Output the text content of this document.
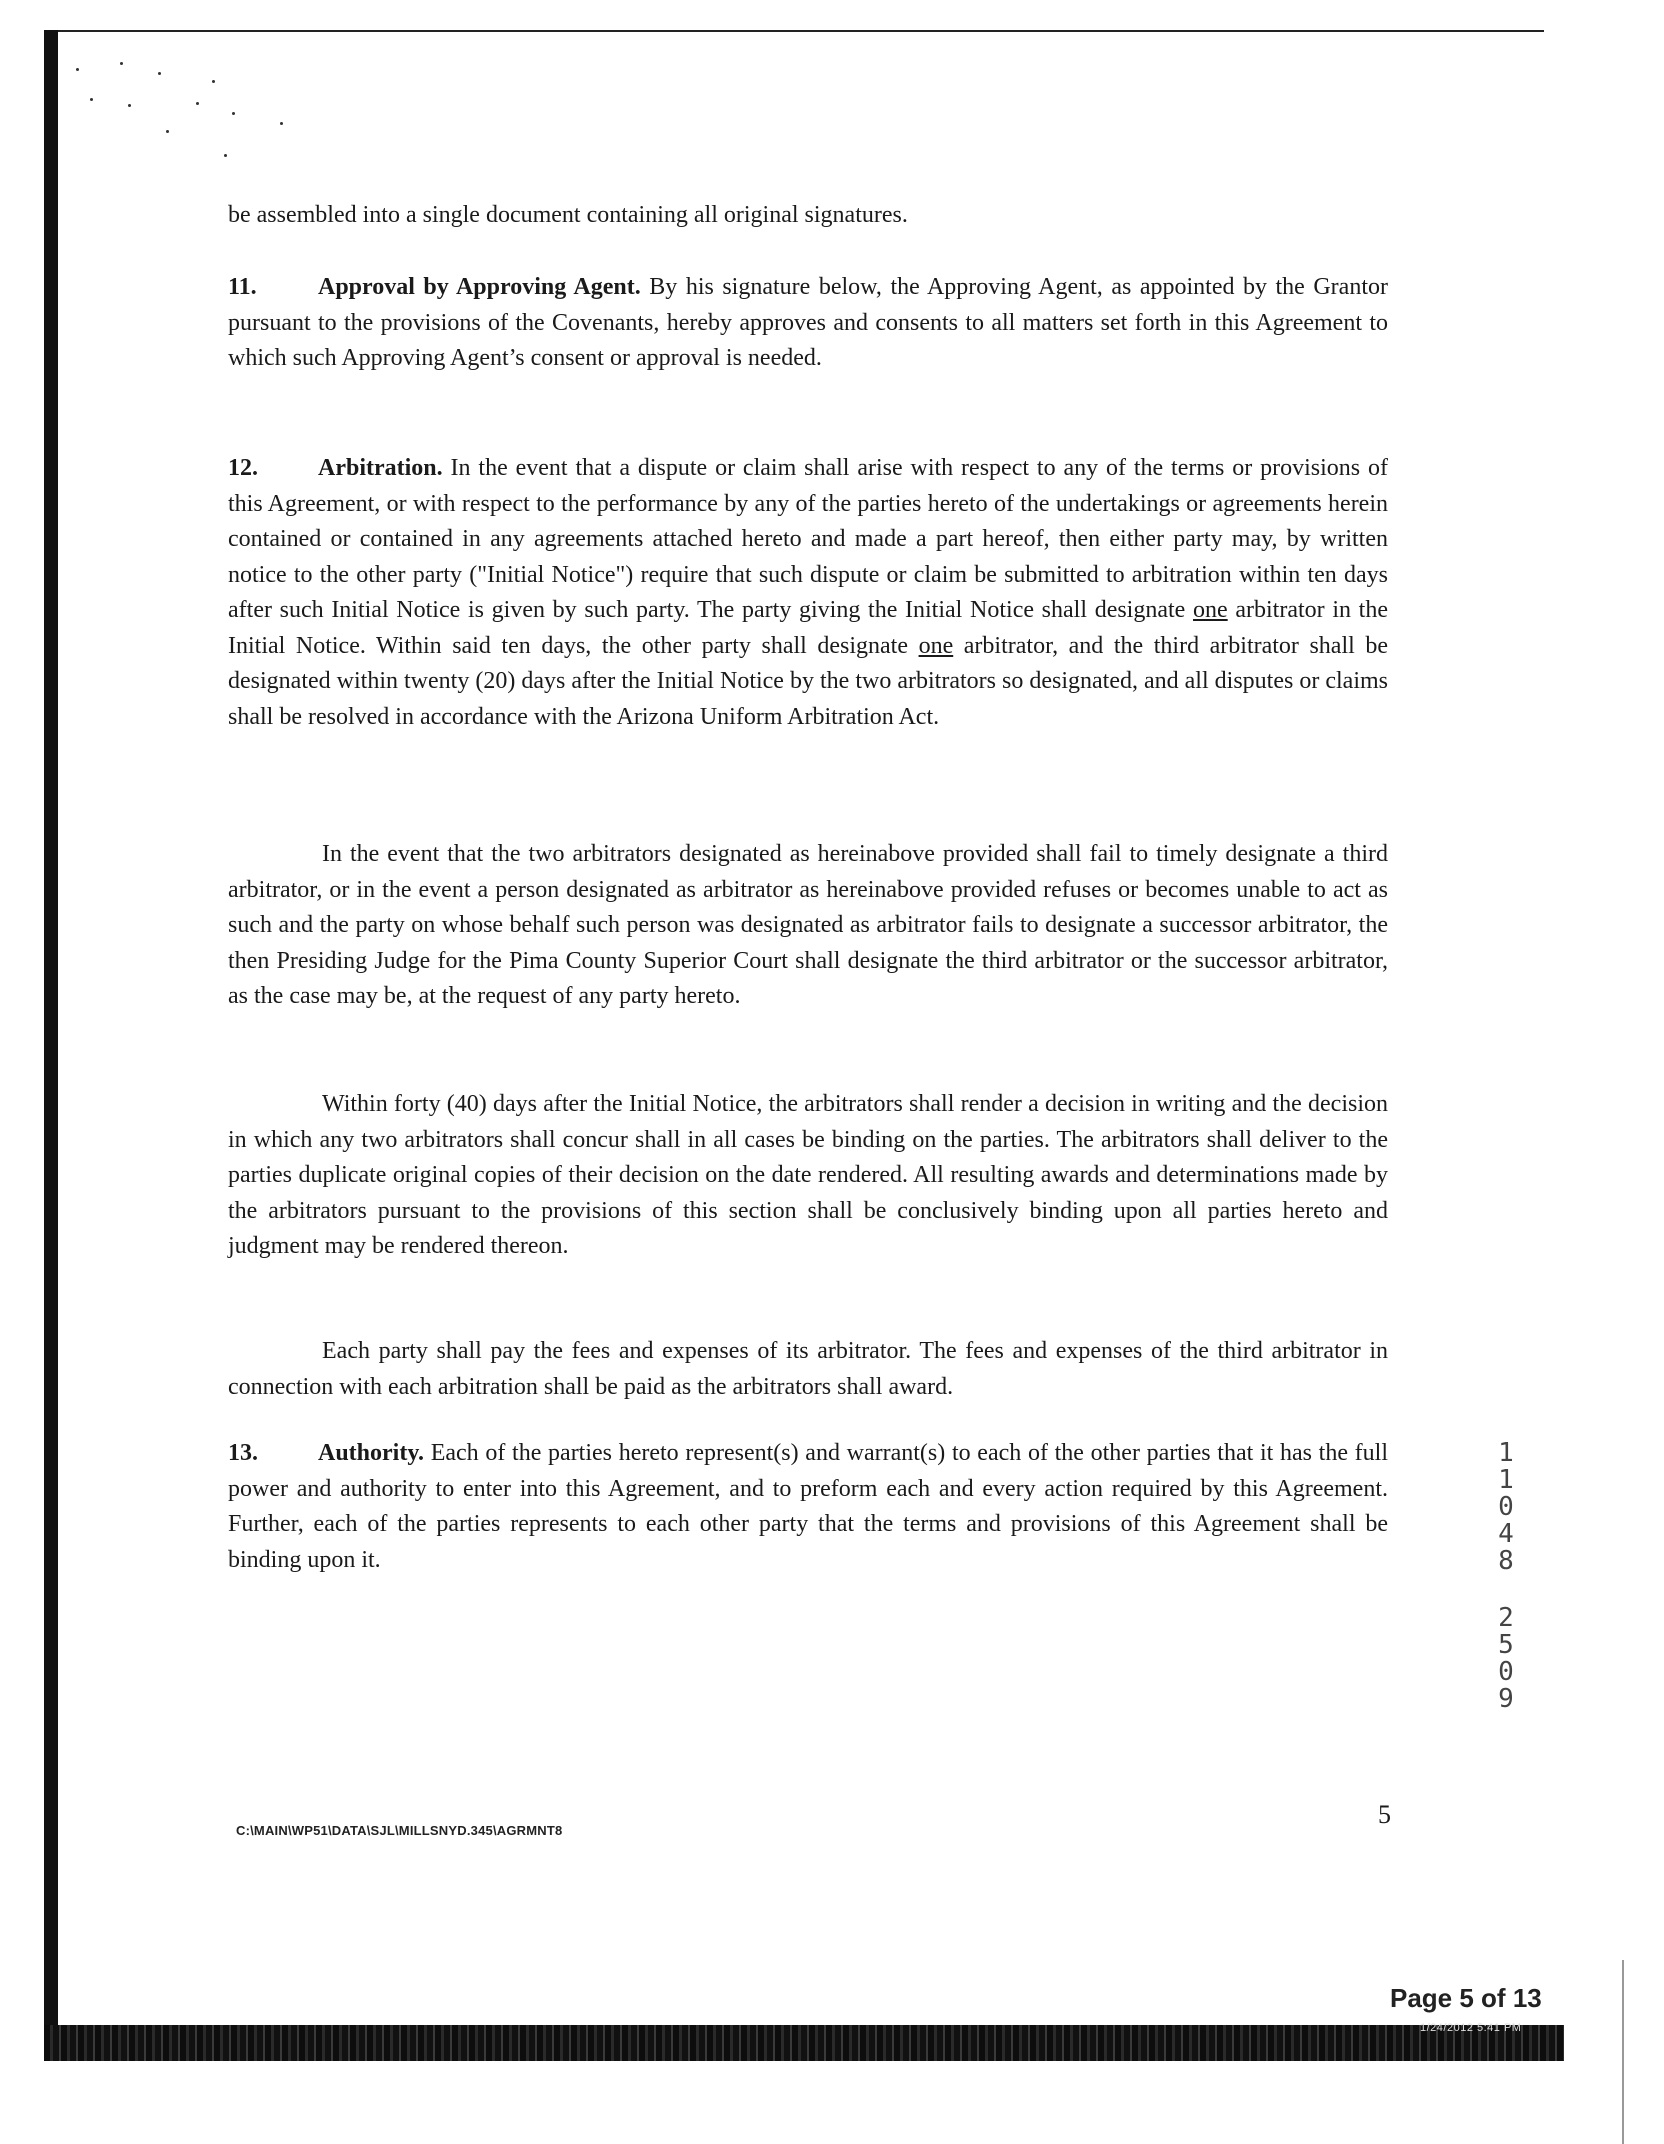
be assembled into a single document containing all original signatures.

11.	Approval by Approving Agent. By his signature below, the Approving Agent, as appointed by the Grantor pursuant to the provisions of the Covenants, hereby approves and consents to all matters set forth in this Agreement to which such Approving Agent’s consent or approval is needed.

12.	Arbitration. In the event that a dispute or claim shall arise with respect to any of the terms or provisions of this Agreement, or with respect to the performance by any of the parties hereto of the undertakings or agreements herein contained or contained in any agreements attached hereto and made a part hereof, then either party may, by written notice to the other party ("Initial Notice") require that such dispute or claim be submitted to arbitration within ten days after such Initial Notice is given by such party. The party giving the Initial Notice shall designate one arbitrator in the Initial Notice. Within said ten days, the other party shall designate one arbitrator, and the third arbitrator shall be designated within twenty (20) days after the Initial Notice by the two arbitrators so designated, and all disputes or claims shall be resolved in accordance with the Arizona Uniform Arbitration Act.

In the event that the two arbitrators designated as hereinabove provided shall fail to timely designate a third arbitrator, or in the event a person designated as arbitrator as hereinabove provided refuses or becomes unable to act as such and the party on whose behalf such person was designated as arbitrator fails to designate a successor arbitrator, the then Presiding Judge for the Pima County Superior Court shall designate the third arbitrator or the successor arbitrator, as the case may be, at the request of any party hereto.

Within forty (40) days after the Initial Notice, the arbitrators shall render a decision in writing and the decision in which any two arbitrators shall concur shall in all cases be binding on the parties. The arbitrators shall deliver to the parties duplicate original copies of their decision on the date rendered. All resulting awards and determinations made by the arbitrators pursuant to the provisions of this section shall be conclusively binding upon all parties hereto and judgment may be rendered thereon.

Each party shall pay the fees and expenses of its arbitrator. The fees and expenses of the third arbitrator in connection with each arbitration shall be paid as the arbitrators shall award.

13.	Authority. Each of the parties hereto represent(s) and warrant(s) to each of the other parties that it has the full power and authority to enter into this Agreement, and to preform each and every action required by this Agreement. Further, each of the parties represents to each other party that the terms and provisions of this Agreement shall be binding upon it.

1
1
0
4
8
2
5
0
9
C:\MAIN\WP51\DATA\SJL\MILLSNYD.345\AGRMNT8
5
Page 5 of 13
1/24/2012 5:41 PM
